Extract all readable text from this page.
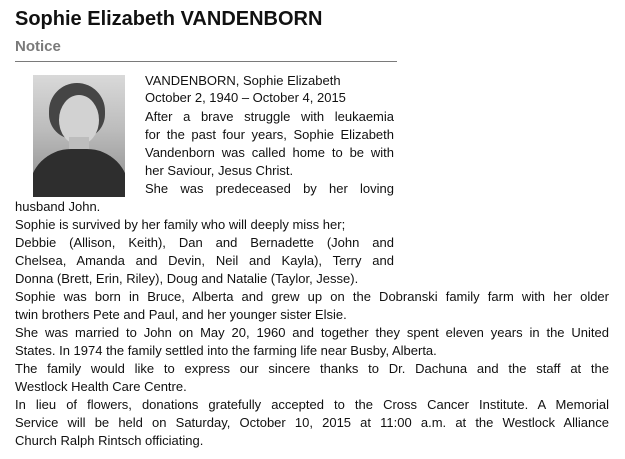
Sophie Elizabeth VANDENBORN
Notice
VANDENBORN, Sophie Elizabeth
October 2, 1940 – October 4, 2015
After a brave struggle with leukaemia
for the past four years, Sophie Elizabeth
Vandenborn was called home to be with
her Saviour, Jesus Christ.
She was predeceased by her loving
husband John.
Sophie is survived by her family who will deeply miss her;
Debbie (Allison, Keith), Dan and Bernadette (John and
Chelsea, Amanda and Devin, Neil and Kayla), Terry and
Donna (Brett, Erin, Riley), Doug and Natalie (Taylor, Jesse).
Sophie was born in Bruce, Alberta and grew up on the Dobranski family farm with her older
twin brothers Pete and Paul, and her younger sister Elsie.
She was married to John on May 20, 1960 and together they spent eleven years in the United
States. In 1974 the family settled into the farming life near Busby, Alberta.
The family would like to express our sincere thanks to Dr. Dachuna and the staff at the
Westlock Health Care Centre.
In lieu of flowers, donations gratefully accepted to the Cross Cancer Institute. A Memorial
Service will be held on Saturday, October 10, 2015 at 11:00 a.m. at the Westlock Alliance
Church Ralph Rintsch officiating.
